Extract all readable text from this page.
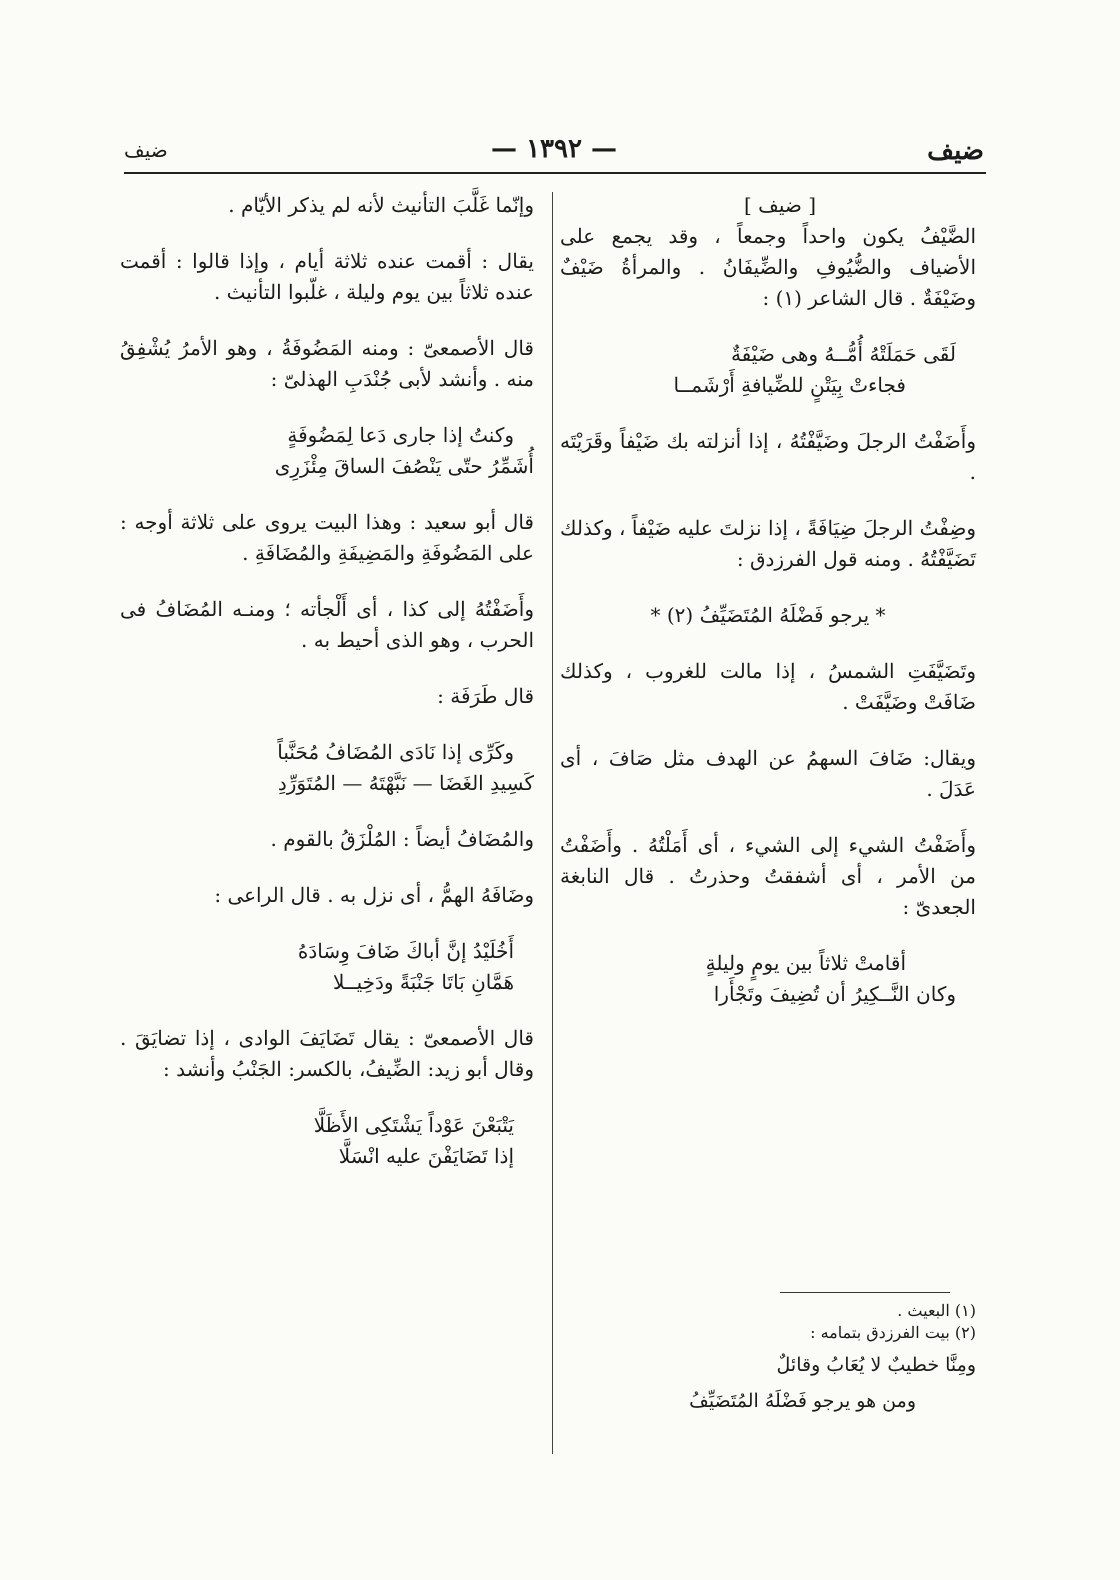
ضيف
— ١٣٩٢ —
ضيف
[ ضيف ]

الضَّيْفُ يكون واحداً وجمعاً ، وقد يجمع على الأضياف والضُّيُوفِ والضِّيفَانُ . والمرأةُ ضَيْفٌ وضَيْفَةٌ . قال الشاعر (١) :

لَقَى حَمَلَتْهُ أُمُّــهُ وهى ضَيْفَةٌ
فجاءتْ بِيَتْنٍ للضِّيافةِ أَرْشَمــا

وأَضَفْتُ الرجلَ وضَيَّفْتُهُ ، إذا أنزلته بك ضَيْفاً وقَرَيْتَه .

وضِفْتُ الرجلَ ضِيَافَةً ، إذا نزلتَ عليه ضَيْفاً ، وكذلك تَضَيَّفْتُهُ . ومنه قول الفرزدق :

* يرجو فَضْلَهُ المُتَضَيِّفُ (٢) *

وتَضَيَّفَتِ الشمسُ ، إذا مالت للغروب ، وكذلك ضَافَتْ وضَيَّفَتْ .

ويقال: ضَافَ السهمُ عن الهدف مثل صَافَ ، أى عَدَلَ .

وأَضَفْتُ الشيء إلى الشيء ، أى أَمَلْتُهُ . وأَضَفْتُ من الأمر ، أى أشفقتُ وحذرتُ . قال النابغة الجعدىّ :

أقامتْ ثلاثاً بين يومٍ وليلةٍ
وكان النَّــكِيرُ أن تُضِيفَ وتَجْأَرا

(١) البعيث .

(٢) بيت الفرزدق بتمامه :

ومِنَّا خطيبٌ لا يُعَابُ وقائلٌ

ومن هو يرجو فَضْلَهُ المُتَضَيِّفُ

وإنّما غَلَّبَ التأنيث لأنه لم يذكر الأيّام .

يقال : أقمت عنده ثلاثة أيام ، وإذا قالوا : أقمت عنده ثلاثاً بين يوم وليلة ، غلّبوا التأنيث .

قال الأصمعىّ : ومنه المَضُوفَةُ ، وهو الأمرُ يُشْفِقُ منه . وأنشد لأبى جُنْدَبِ الهذلىّ :

وكنتُ إذا جارى دَعا لِمَضُوفَةٍ
أُشَمِّرُ حتّى يَنْصُفَ الساقَ مِئْزَرِى

قال أبو سعيد : وهذا البيت يروى على ثلاثة أوجه : على المَضُوفَةِ والمَضِيفَةِ والمُضَافَةِ .

وأَضَفْتُهُ إلى كذا ، أى أَلْجأته ؛ ومنـه المُضَافُ فى الحرب ، وهو الذى أحيط به .

قال طَرَفَة :

وكَرِّى إذا نَادَى المُضَافُ مُحَنَّباً
كَسِيدِ الغَضَا — نَبَّهْتَهُ — المُتَوَرِّدِ

والمُضَافُ أيضاً : المُلْزَقُ بالقوم .

وضَافَهُ الهمُّ ، أى نزل به . قال الراعى :

أَخُلَيْدُ إنَّ أباكَ ضَافَ وِسَادَهُ
هَمَّانِ بَاتَا جَنْبَةً ودَخِيــلا

قال الأصمعىّ : يقال تَضَايَفَ الوادى ، إذا تضايَقَ . وقال أبو زيد: الضِّيفُ، بالكسر: الجَنْبُ وأنشد :

يَتْبَعْنَ عَوْداً يَشْتَكِى الأَظَلَّا
إذا تَضَايَفْنَ عليه انْسَلَّا
